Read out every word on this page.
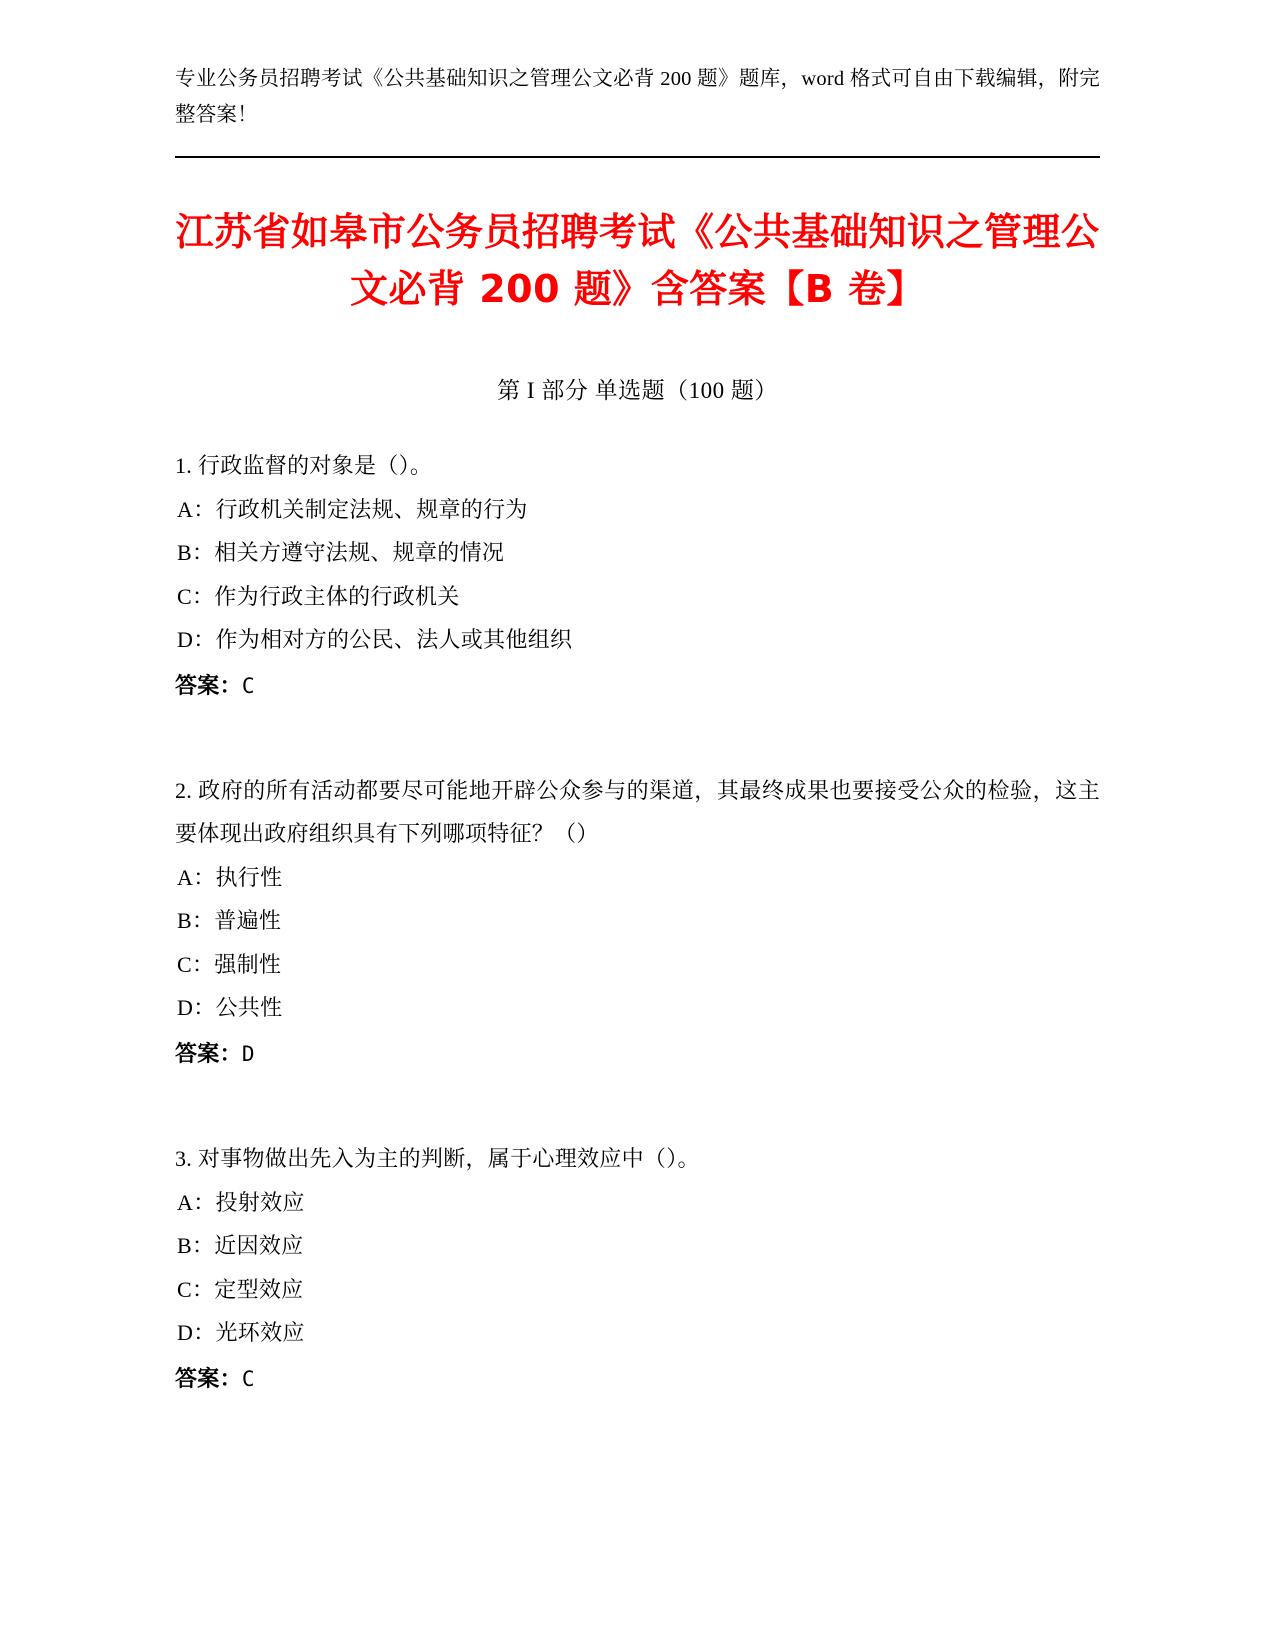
专业公务员招聘考试《公共基础知识之管理公文必背 200 题》题库，word 格式可自由下载编辑，附完整答案！
江苏省如皋市公务员招聘考试《公共基础知识之管理公文必背 200 题》含答案【B 卷】
第 I 部分 单选题（100 题）
1. 行政监督的对象是（）。
A：行政机关制定法规、规章的行为
B：相关方遵守法规、规章的情况
C：作为行政主体的行政机关
D：作为相对方的公民、法人或其他组织
答案：C
2. 政府的所有活动都要尽可能地开辟公众参与的渠道，其最终成果也要接受公众的检验，这主要体现出政府组织具有下列哪项特征？（）
A：执行性
B：普遍性
C：强制性
D：公共性
答案：D
3. 对事物做出先入为主的判断，属于心理效应中（）。
A：投射效应
B：近因效应
C：定型效应
D：光环效应
答案：C
